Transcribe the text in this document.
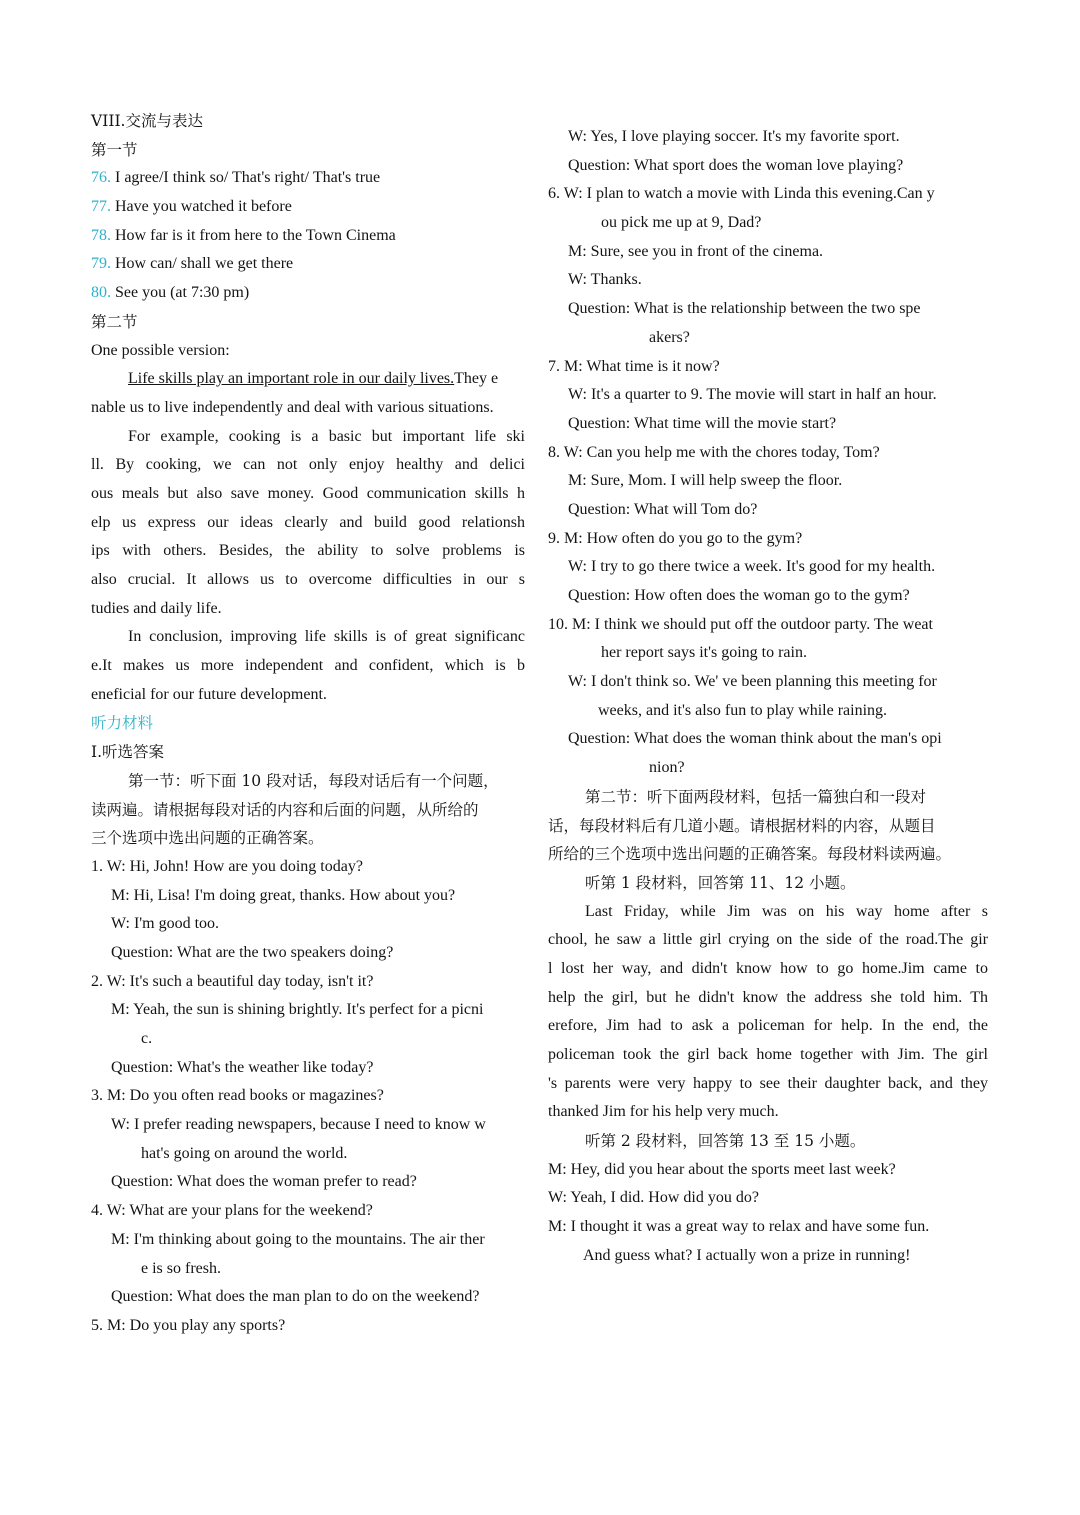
VIII.交流与表达
第一节
76. I agree/I think so/ That's right/ That's true
77. Have you watched it before
78. How far is it from here to the Town Cinema
79. How can/ shall we get there
80. See you (at 7:30 pm)
第二节
One possible version:
Life skills play an important role in our daily lives.They e
nable us to live independently and deal with various situations.
For example, cooking is a basic but important life ski
ll. By cooking, we can not only enjoy healthy and delici
ous meals but also save money. Good communication skills h
elp us express our ideas clearly and build good relationsh
ips with others. Besides, the ability to solve problems is
also crucial. It allows us to overcome difficulties in our s
tudies and daily life.
In conclusion, improving life skills is of great significanc
e.It makes us more independent and confident, which is b
eneficial for our future development.
听力材料
I.听选答案
第一节：听下面 10 段对话，每段对话后有一个问题，
读两遍。请根据每段对话的内容和后面的问题，从所给的
三个选项中选出问题的正确答案。
1. W: Hi, John! How are you doing today?
M: Hi, Lisa! I'm doing great, thanks. How about you?
W: I'm good too.
Question: What are the two speakers doing?
2. W: It's such a beautiful day today, isn't it?
M: Yeah, the sun is shining brightly. It's perfect for a picni
c.
Question: What's the weather like today?
3. M: Do you often read books or magazines?
W: I prefer reading newspapers, because I need to know w
hat's going on around the world.
Question: What does the woman prefer to read?
4. W: What are your plans for the weekend?
M: I'm thinking about going to the mountains. The air ther
e is so fresh.
Question: What does the man plan to do on the weekend?
5. M: Do you play any sports?
W: Yes, I love playing soccer. It's my favorite sport.
Question: What sport does the woman love playing?
6. W: I plan to watch a movie with Linda this evening.Can y
ou pick me up at 9, Dad?
M: Sure, see you in front of the cinema.
W: Thanks.
Question: What is the relationship between the two spe
akers?
7. M: What time is it now?
W: It's a quarter to 9. The movie will start in half an hour.
Question: What time will the movie start?
8. W: Can you help me with the chores today, Tom?
M: Sure, Mom. I will help sweep the floor.
Question: What will Tom do?
9. M: How often do you go to the gym?
W: I try to go there twice a week. It's good for my health.
Question: How often does the woman go to the gym?
10. M: I think we should put off the outdoor party. The weat
her report says it's going to rain.
W: I don't think so. We' ve been planning this meeting for
weeks, and it's also fun to play while raining.
Question: What does the woman think about the man's opi
nion?
第二节：听下面两段材料，包括一篇独白和一段对
话，每段材料后有几道小题。请根据材料的内容，从题目
所给的三个选项中选出问题的正确答案。每段材料读两遍。
听第 1 段材料，回答第 11、12 小题。
Last Friday, while Jim was on his way home after s
chool, he saw a little girl crying on the side of the road.The gir
l lost her way, and didn't know how to go home.Jim came to
help the girl, but he didn't know the address she told him. Th
erefore, Jim had to ask a policeman for help. In the end, the
policeman took the girl back home together with Jim. The girl
's parents were very happy to see their daughter back, and they
thanked Jim for his help very much.
听第 2 段材料，回答第 13 至 15 小题。
M: Hey, did you hear about the sports meet last week?
W: Yeah, I did. How did you do?
M: I thought it was a great way to relax and have some fun.
And guess what? I actually won a prize in running!
